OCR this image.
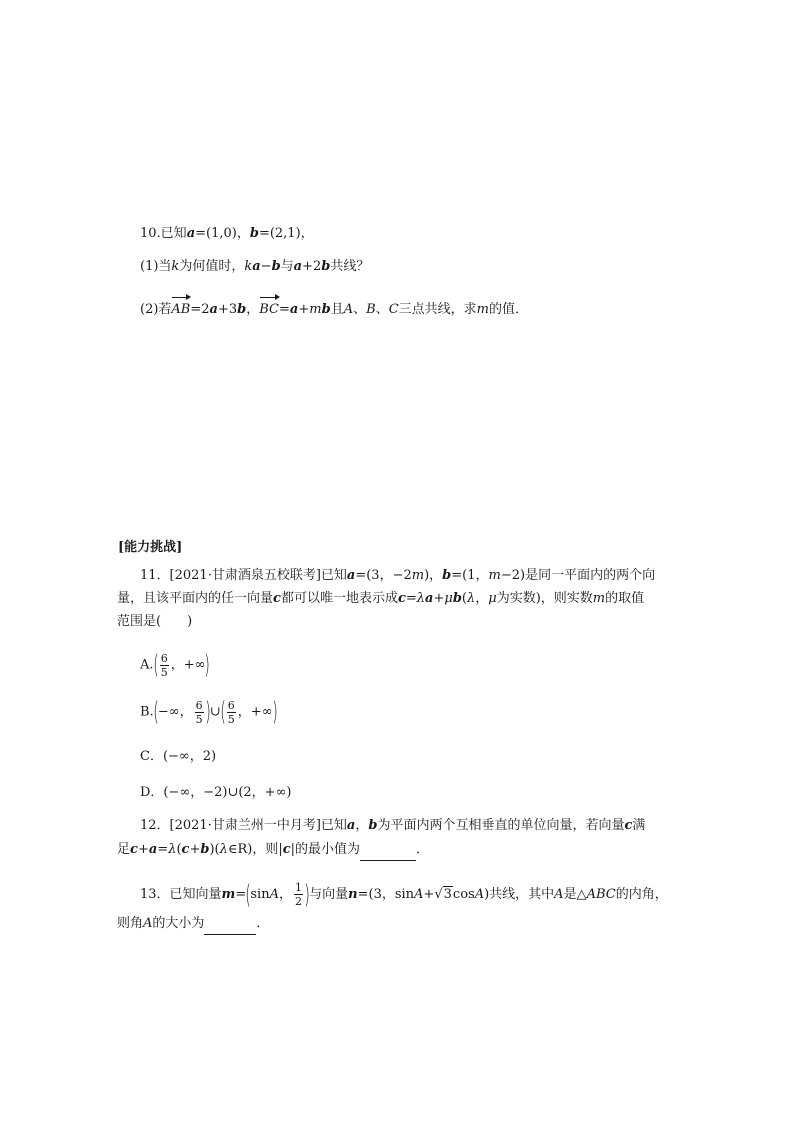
10.已知a=(1,0)，b=(2,1)，
(1)当k为何值时，ka−b与a+2b共线？
(2)若AB=2a+3b，BC=a+mb且A、B、C三点共线，求m的值．
[能力挑战]
11．[2021·甘肃酒泉五校联考]已知a=(3，−2m)，b=(1，m−2)是同一平面内的两个向
量，且该平面内的任一向量c都可以唯一地表示成c=λa+μb(λ，μ为实数)，则实数m的取值
范围是(　　)
$A.( \frac{6}{5}$ ，+∞)
B.(−∞， $\frac{6}{5}$ )∪( $\frac{6}{5}$ ，+∞)
C．(−∞，2)
D．(−∞，−2)∪(2，+∞)
12．[2021·甘肃兰州一中月考]已知a，b为平面内两个互相垂直的单位向量，若向量c满
足c+a=λ(c+b)(λ∈R)，则|c|的最小值为	．
13．已知向量m=(sinA， $\frac{1}{2}$ )与向量n=(3，sinA+√3cosA)共线，其中A是△ABC的内角，
则角A的大小为	．
